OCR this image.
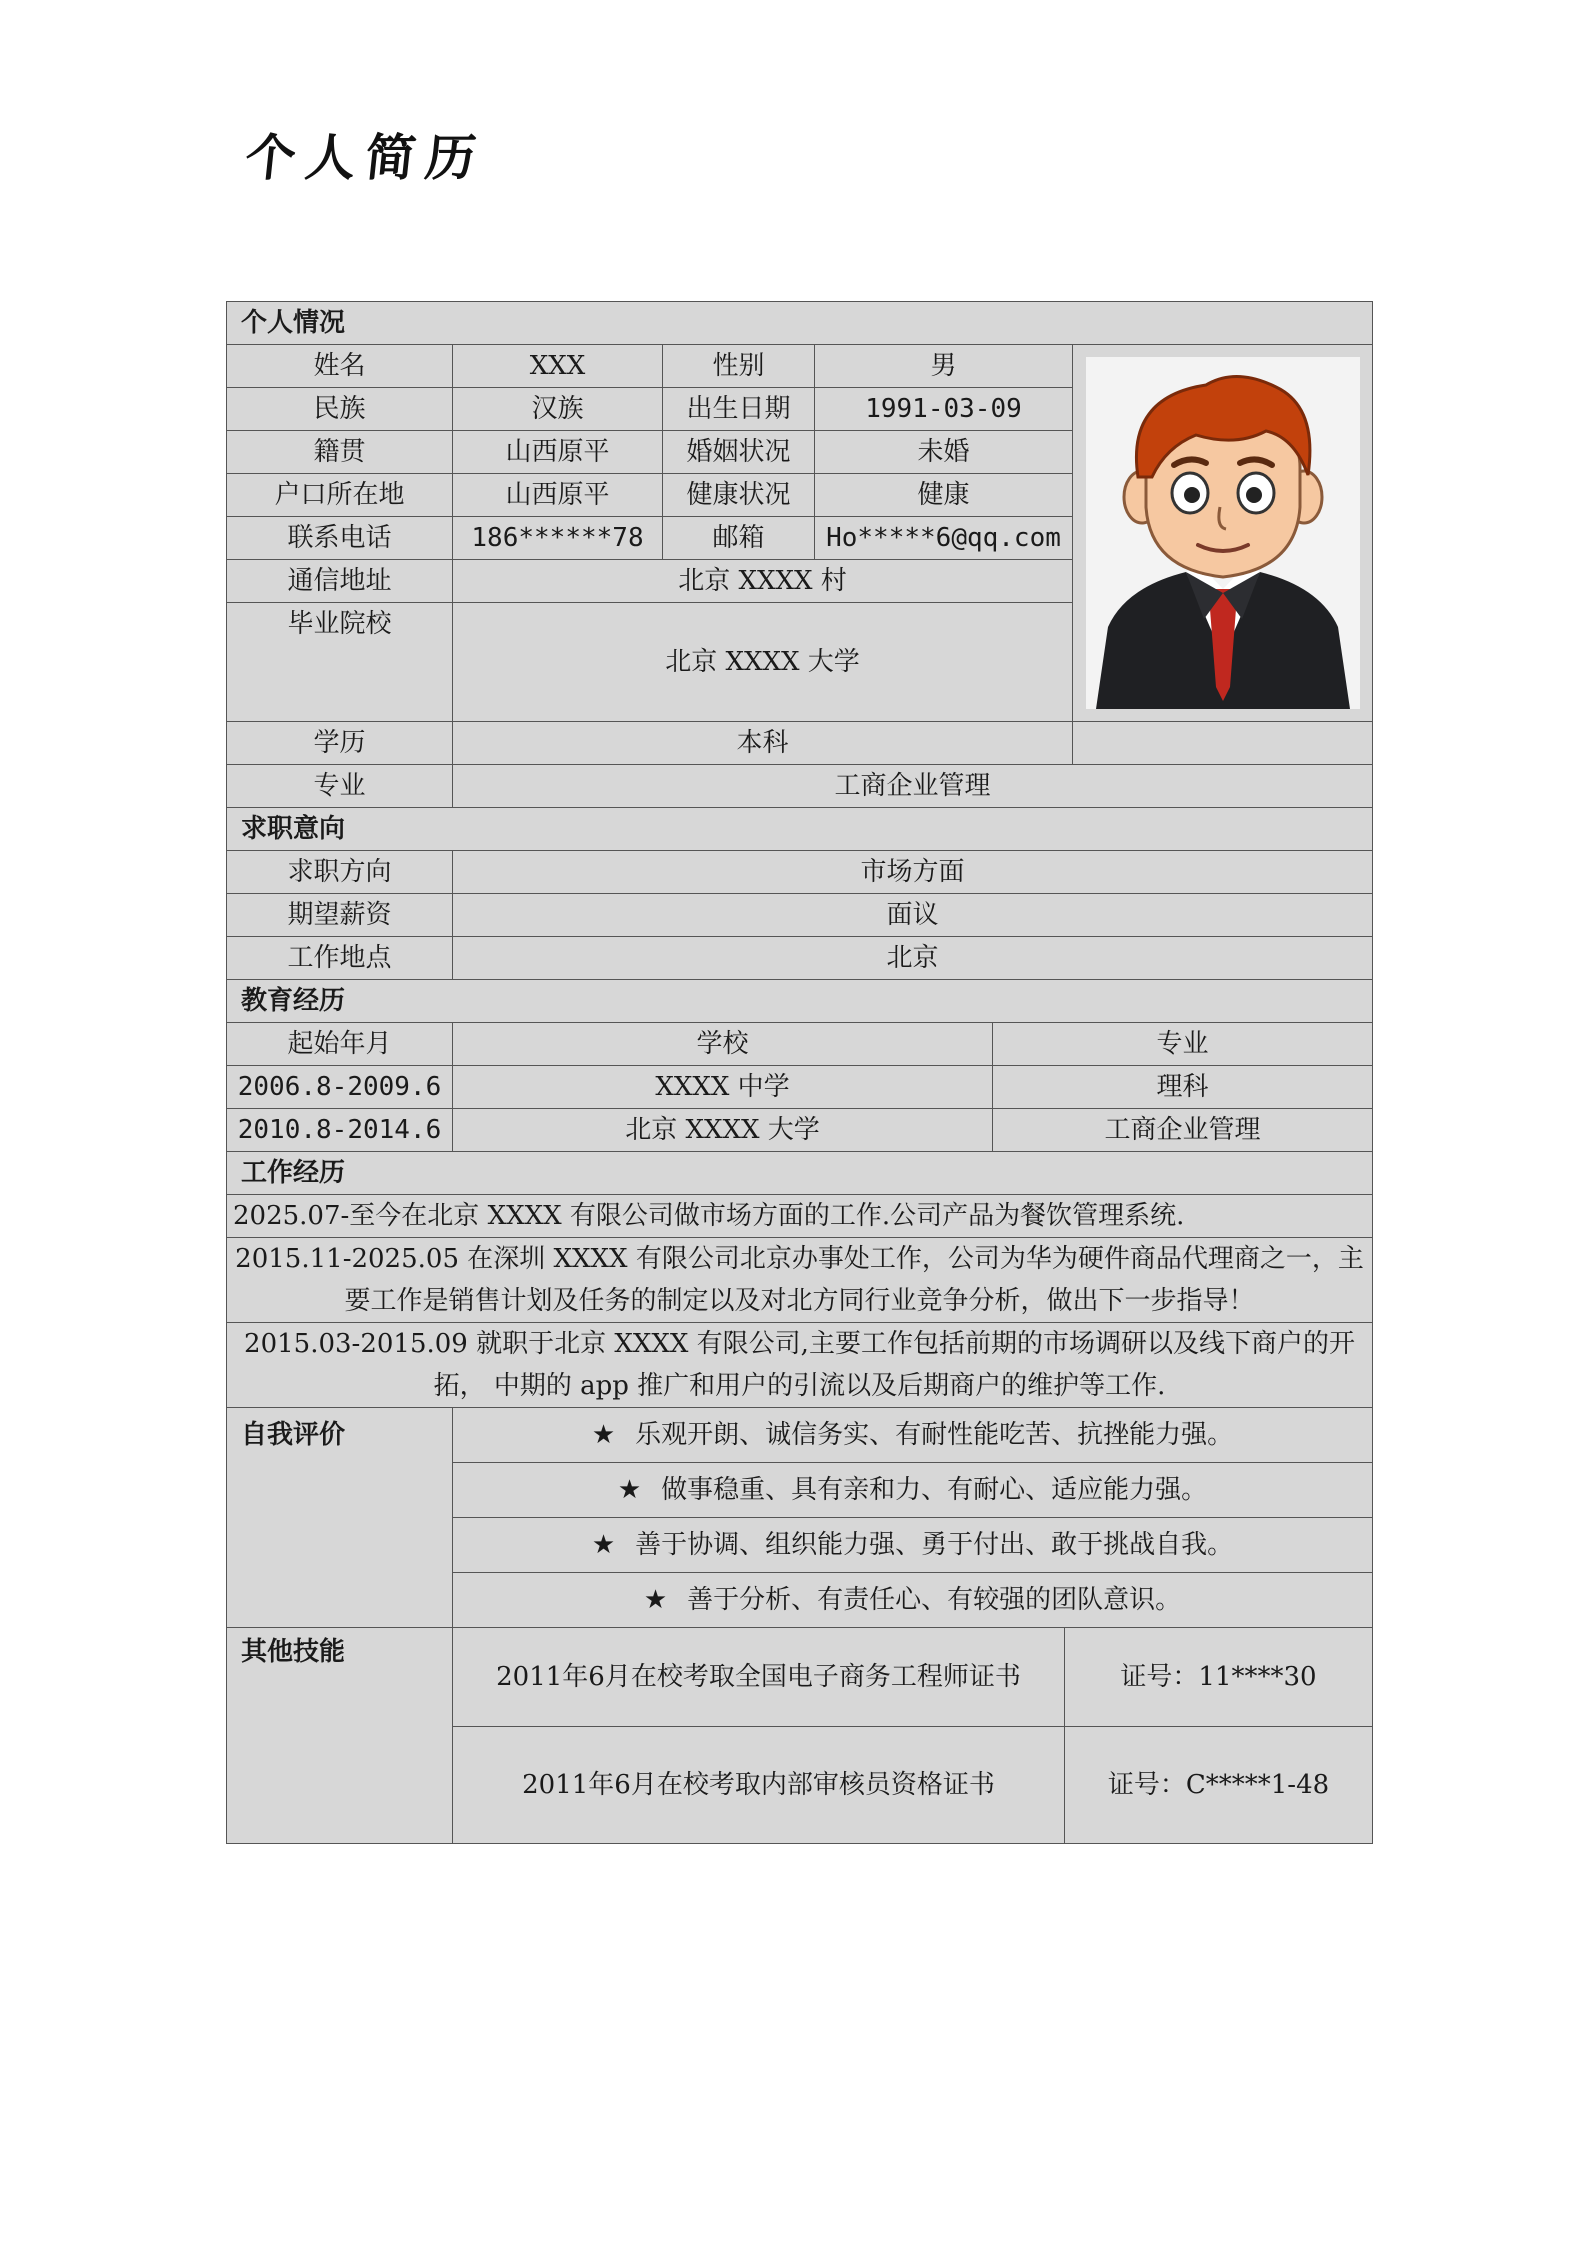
个人简历
个人情况						
姓名	XXX	性别	男	

民族	汉族	出生日期	1991-03-09			
籍贯	山西原平	婚姻状况	未婚			
户口所在地	山西原平	健康状况	健康			
联系电话	186******78	邮箱	Ho*****6@qq.com			
通信地址	北京 XXXX 村					
毕业院校	北京 XXXX 大学					
学历	本科					
专业	工商企业管理					
求职意向						
求职方向	市场方面					
期望薪资	面议					
工作地点	北京					
教育经历						
起始年月	学校			专业		
2006.8-2009.6	XXXX 中学			理科		
2010.8-2014.6	北京 XXXX 大学			工商企业管理		
工作经历						
2025.07-至今在北京 XXXX 有限公司做市场方面的工作.公司产品为餐饮管理系统.						
2015.11-2025.05 在深圳 XXXX 有限公司北京办事处工作，公司为华为硬件商品代理商之一，主要工作是销售计划及任务的制定以及对北方同行业竞争分析，做出下一步指导！						
2015.03-2015.09 就职于北京 XXXX 有限公司,主要工作包括前期的市场调研以及线下商户的开拓， 中期的 app 推广和用户的引流以及后期商户的维护等工作.						
自我评价	★ 乐观开朗、诚信务实、有耐性能吃苦、抗挫能力强。					
	★ 做事稳重、具有亲和力、有耐心、适应能力强。					
	★ 善于协调、组织能力强、勇于付出、敢于挑战自我。					
	★ 善于分析、有责任心、有较强的团队意识。					
其他技能	2011年6月在校考取全国电子商务工程师证书				证号：11****30	
	2011年6月在校考取内部审核员资格证书				证号：C*****1-48	
